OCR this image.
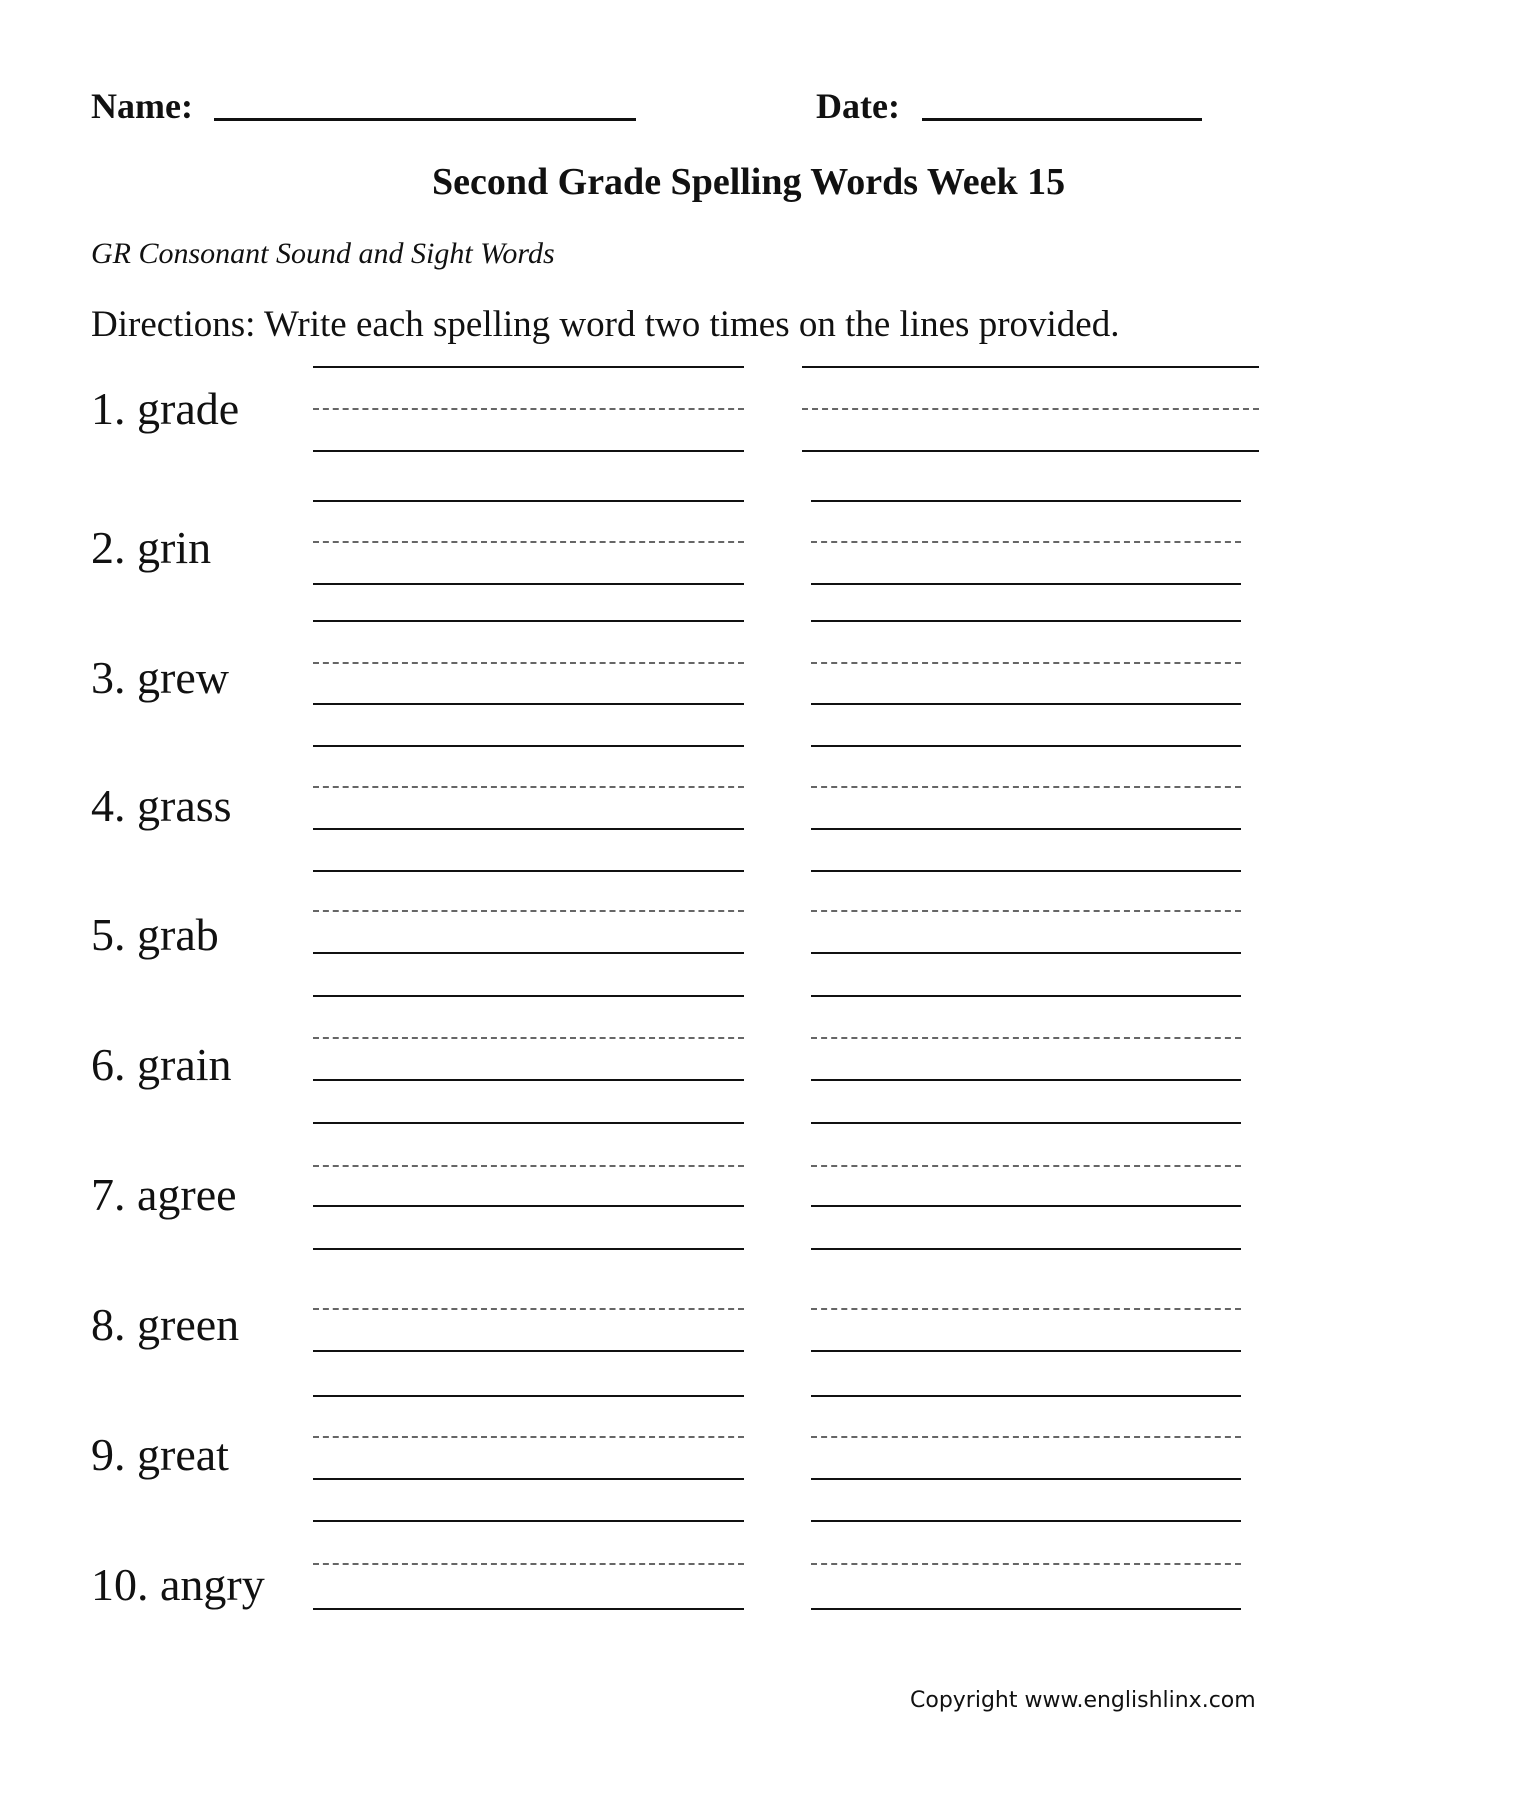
Name:	Date:
Second Grade Spelling Words Week 15
GR Consonant Sound and Sight Words
Directions: Write each spelling word two times on the lines provided.
1. grade
2. grin
3. grew
4. grass
5. grab
6. grain
7. agree
8. green
9. great
10. angry
Copyright www.englishlinx.com
